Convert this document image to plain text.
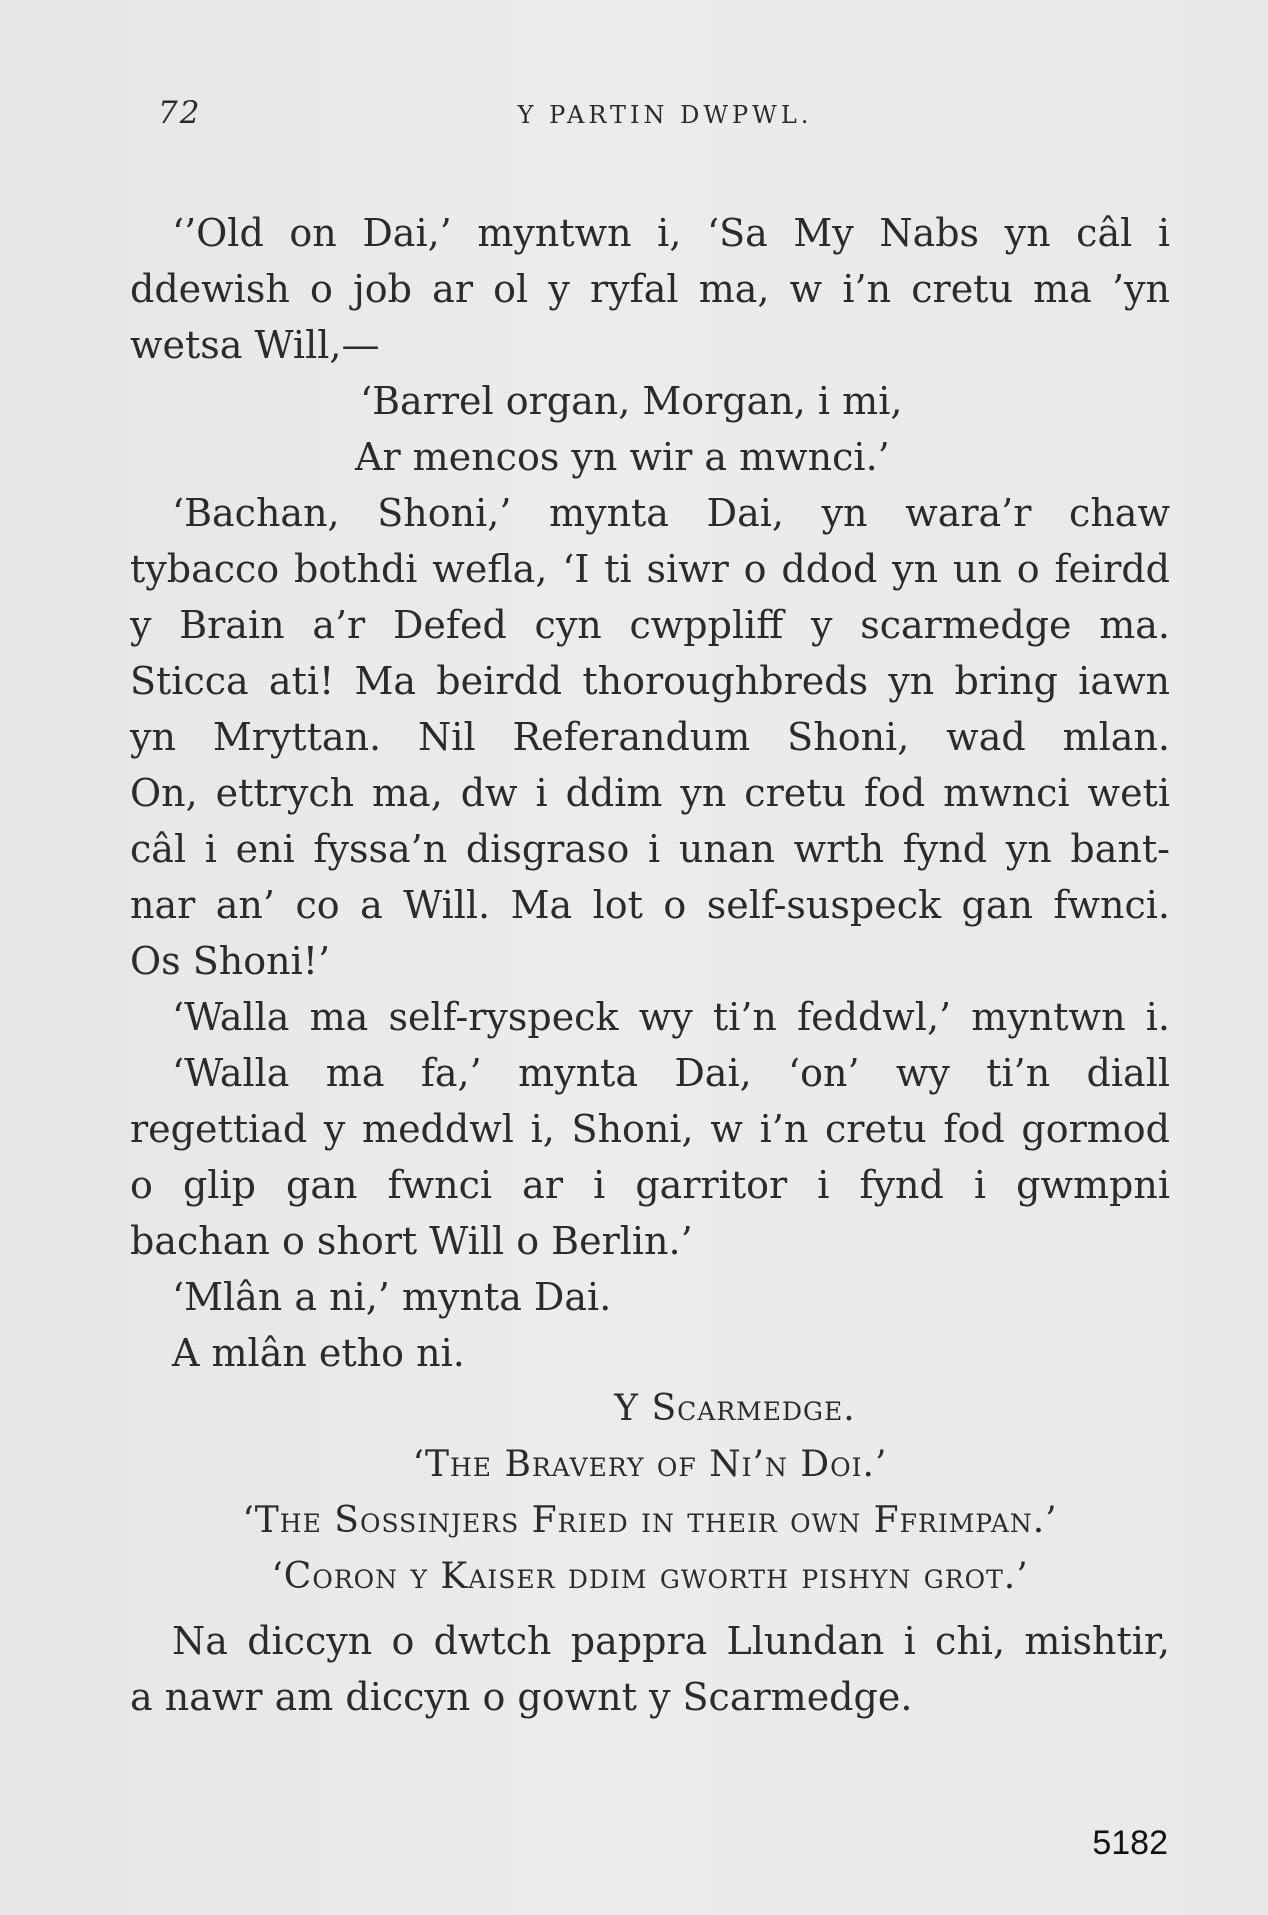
72	Y PARTIN DWPWL.
‘’Old on Dai,’ myntwn i, ‘Sa My Nabs yn câl i
ddewish o job ar ol y ryfal ma, w i’n cretu ma ’yn
wetsa Will,—
‘Barrel organ, Morgan, i mi,
Ar mencos yn wir a mwnci.’
‘Bachan, Shoni,’ mynta Dai, yn wara’r chaw
tybacco bothdi wefla, ‘I ti siwr o ddod yn un o feirdd
y Brain a’r Defed cyn cwppliff y scarmedge ma.
Sticca ati! Ma beirdd thoroughbreds yn bring iawn
yn Mryttan. Nil Referandum Shoni, wad mlan.
On, ettrych ma, dw i ddim yn cretu fod mwnci weti
câl i eni fyssa’n disgraso i unan wrth fynd yn bant-
nar an’ co a Will. Ma lot o self-suspeck gan fwnci.
Os Shoni!’
‘Walla ma self-ryspeck wy ti’n feddwl,’ myntwn i.
‘Walla ma fa,’ mynta Dai, ‘on’ wy ti’n diall
regettiad y meddwl i, Shoni, w i’n cretu fod gormod
o glip gan fwnci ar i garritor i fynd i gwmpni
bachan o short Will o Berlin.’
‘Mlân a ni,’ mynta Dai.
A mlân etho ni.
Y Scarmedge.
‘The Bravery of Ni’n Doi.’
‘The Sossinjers Fried in their own Ffrimpan.’
‘Coron y Kaiser ddim gworth pishyn grot.’
Na diccyn o dwtch pappra Llundan i chi, mishtir,
a nawr am diccyn o gownt y Scarmedge.
5182
